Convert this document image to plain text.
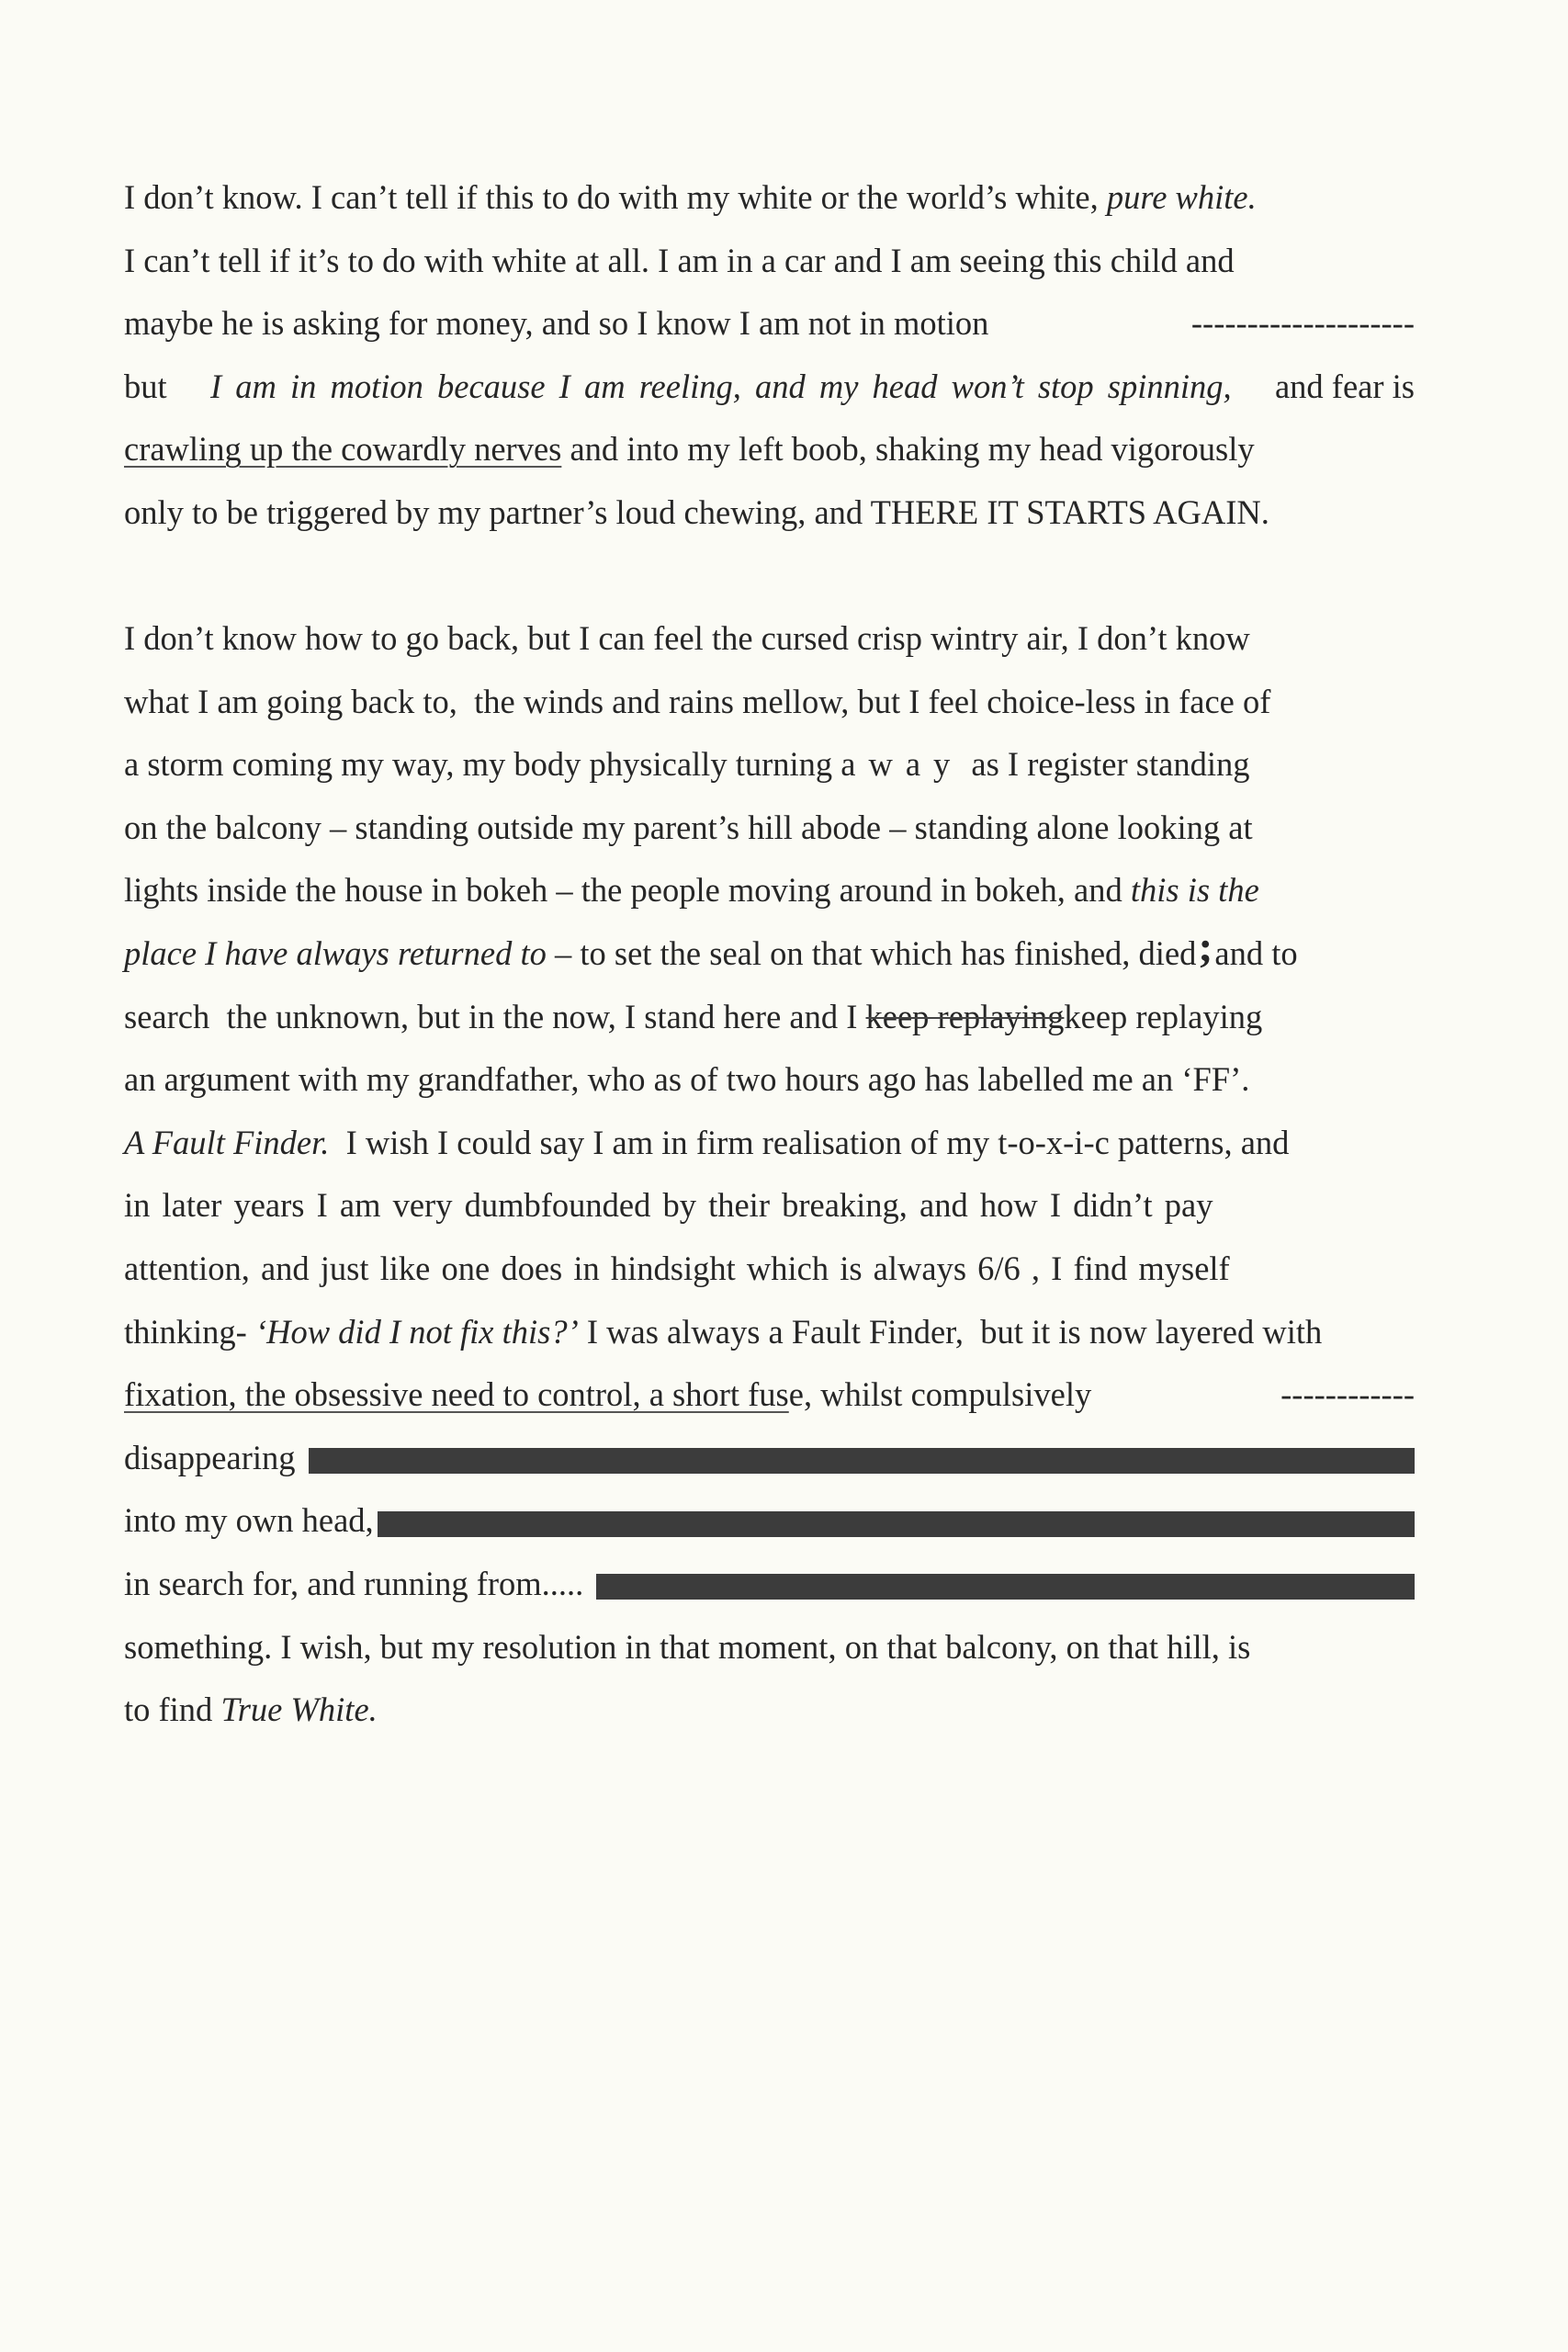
I don’t know. I can’t tell if this to do with my white or the world’s white, pure white.
I can’t tell if it’s to do with white at all. I am in a car and I am seeing this child and
maybe he is asking for money, and so I know I am not in motion	--------------------
but I am in motion because I am reeling, and my head won’t stop spinning, and fear is
crawling up the cowardly nerves and into my left boob, shaking my head vigorously
only to be triggered by my partner’s loud chewing, and THERE IT STARTS AGAIN.
I don’t know how to go back, but I can feel the cursed crisp wintry air, I don’t know
what I am going back to,  the winds and rains mellow, but I feel choice-less in face of
a storm coming my way, my body physically turning away as I register standing
on the balcony – standing outside my parent’s hill abode – standing alone looking at
lights inside the house in bokeh – the people moving around in bokeh, and this is the
place I have always returned to – to set the seal on that which has finished, died ; and to
search  the unknown, but in the now, I stand here and I keep replaying keep replaying
an argument with my grandfather, who as of two hours ago has labelled me an ‘FF’.
A Fault Finder. I wish I could say I am in firm realisation of my t-o-x-i-c patterns, and
in later years I am very dumbfounded by their breaking, and how I didn’t pay
attention, and just like one does in hindsight which is always 6/6 , I find myself
thinking- ‘How did I not fix this?’ I was always a Fault Finder,  but it is now layered with
fixation, the obsessive need to control, a short fus e, whilst compulsively	------------
disappearing
into my own head,
in search for, and running from.....
something. I wish, but my resolution in that moment, on that balcony, on that hill, is
to find True White.
